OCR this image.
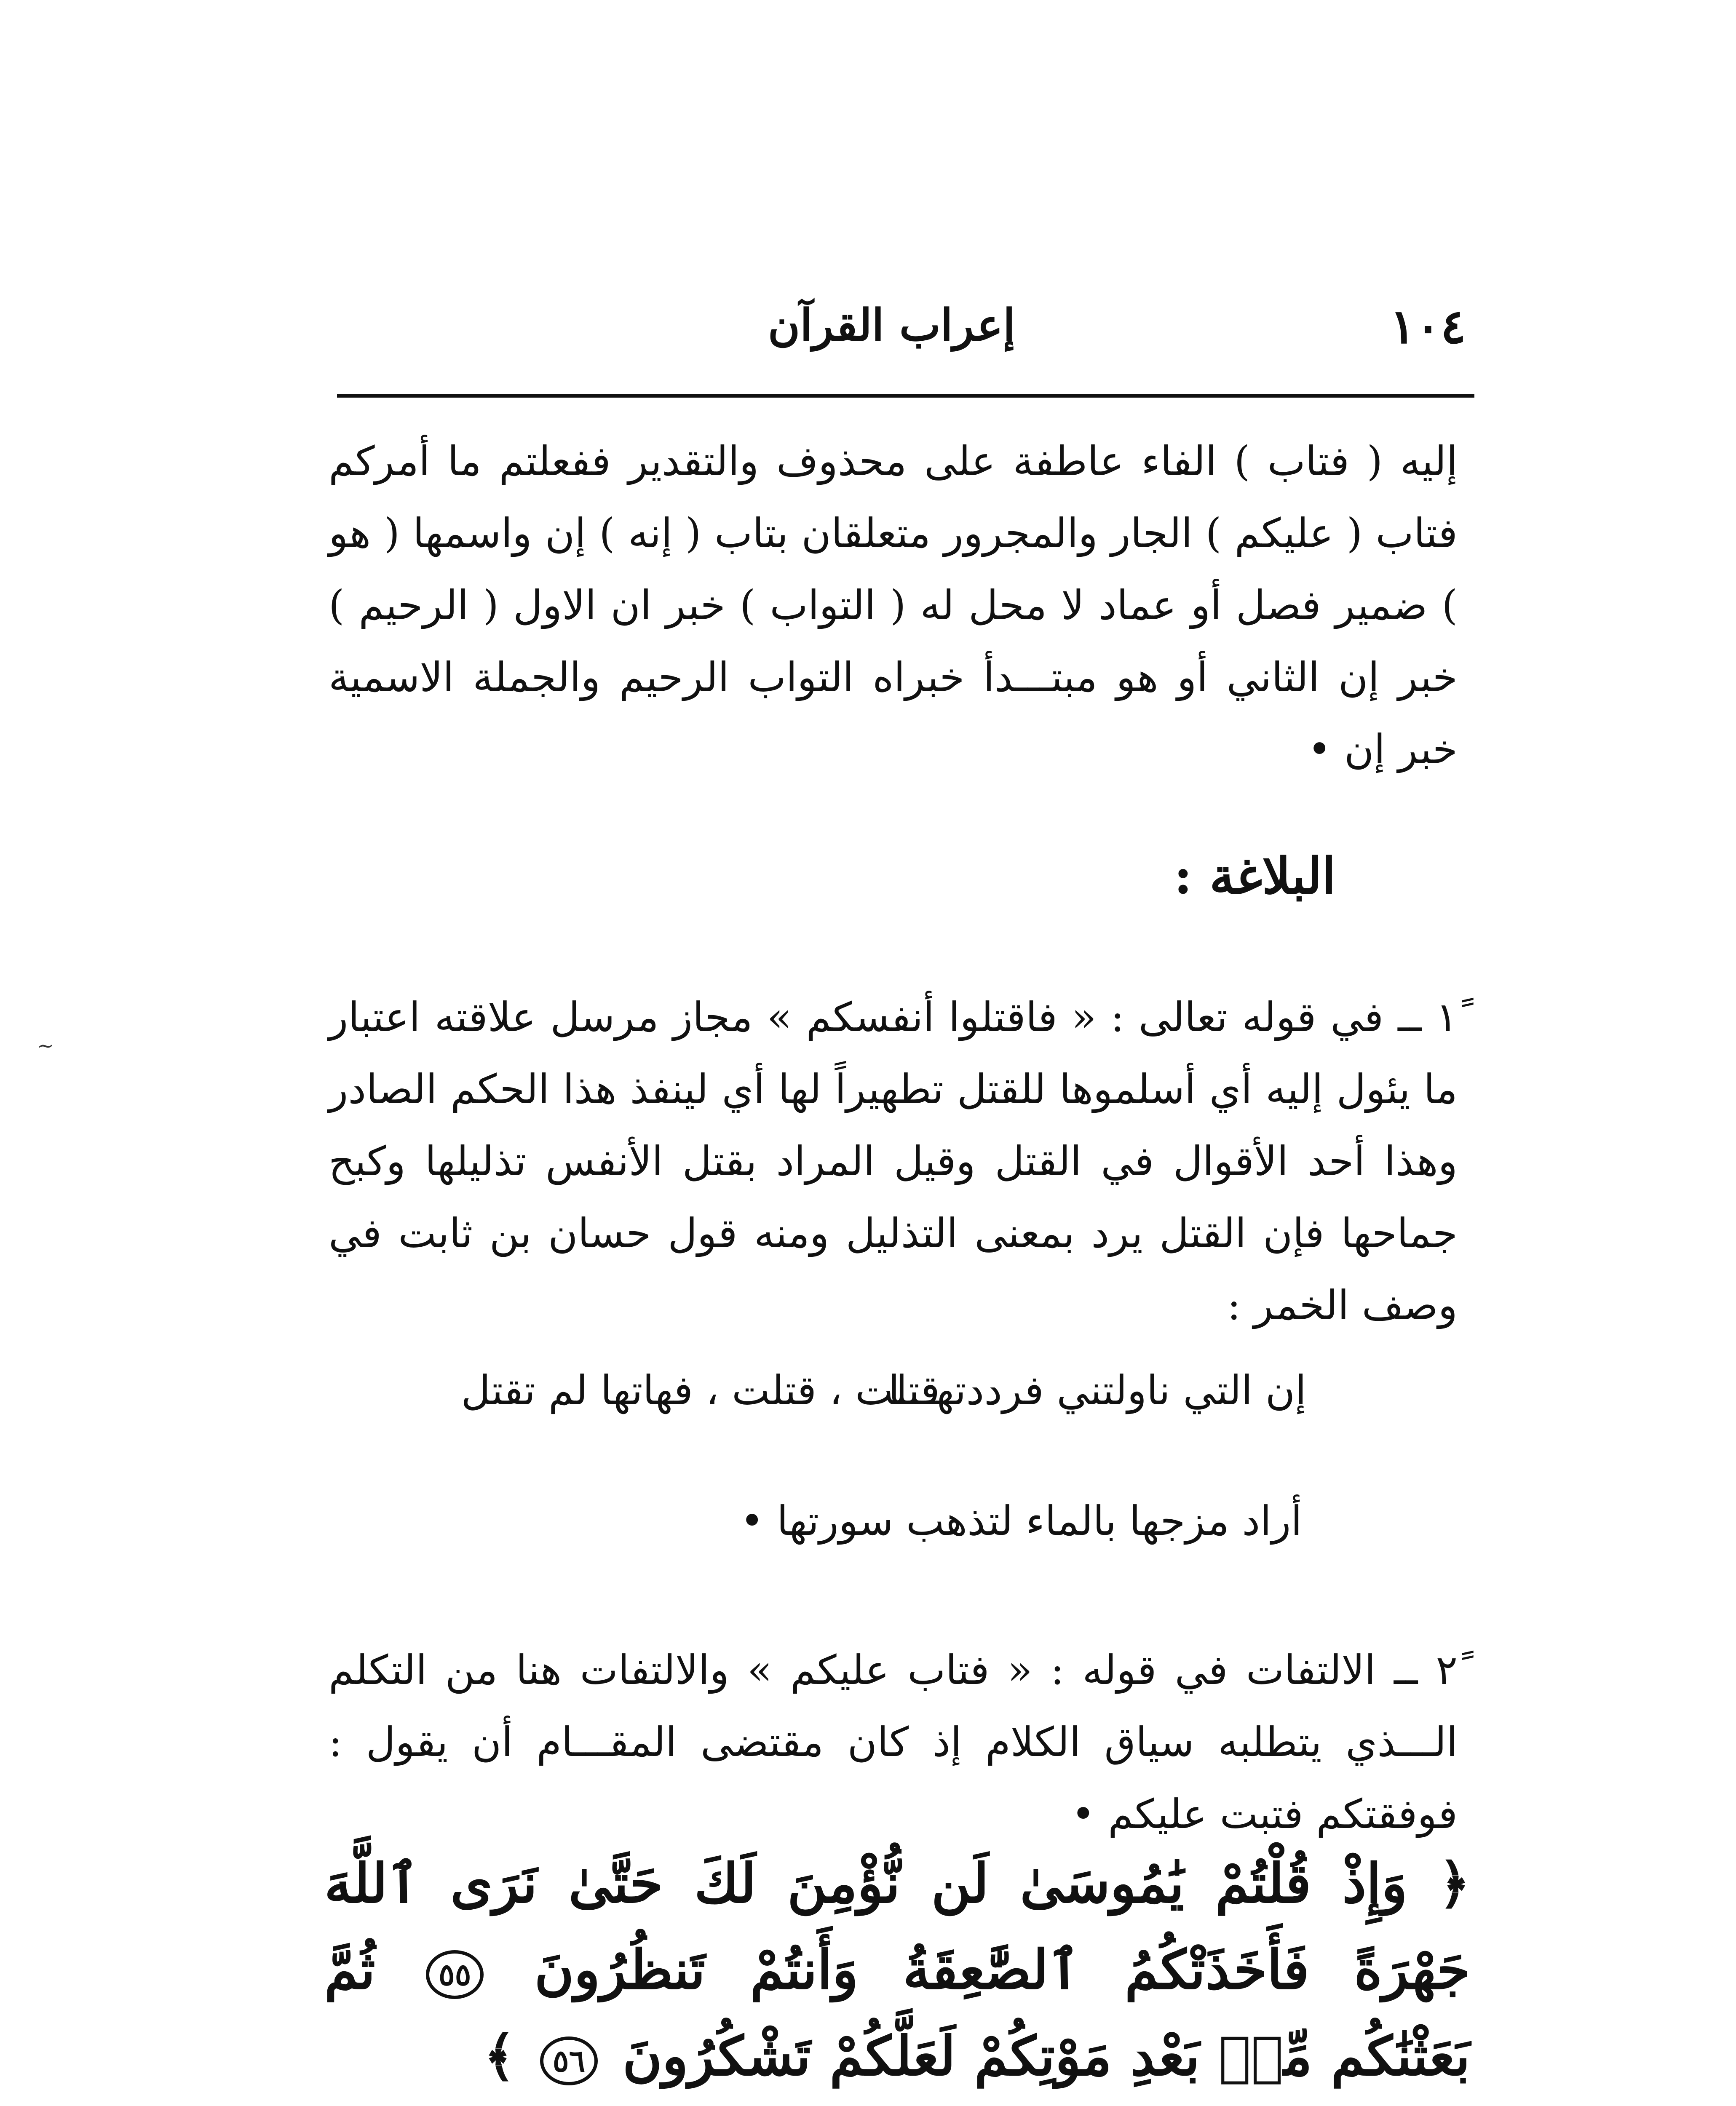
١٠٤
إعراب القرآن
إليه ( فتاب ) الفاء عاطفة على محذوف والتقدير ففعلتم ما أمركم فتاب ( عليكم ) الجار والمجرور متعلقان بتاب ( إنه ) إن واسمها ( هو ) ضمير فصل أو عماد لا محل له ( التواب ) خبر ان الاول ( الرحيم ) خبر إن الثاني أو هو مبتـــدأ خبراه التواب الرحيم والجملة الاسمية خبر إن •
البلاغة :
١ً ــ في قوله تعالى : « فاقتلوا أنفسكم » مجاز مرسل علاقته اعتبار ما يئول إليه أي أسلموها للقتل تطهيراً لها أي لينفذ هذا الحكم الصادر وهذا أحد الأقوال في القتل وقيل المراد بقتل الأنفس تذليلها وكبح جماحها فإن القتل يرد بمعنى التذليل ومنه قول حسان بن ثابت في وصف الخمر :
إن التي ناولتني فرددتهـــا
قتلت ، قتلت ، فهاتها لم تقتل
أراد مزجها بالماء لتذهب سورتها •
٢ً ــ الالتفات في قوله : « فتاب عليكم » والالتفات هنا من التكلم الـــذي يتطلبه سياق الكلام إذ كان مقتضى المقـــام أن يقول : فوفقتكم فتبت عليكم •
﴿ وَإِذْ قُلْتُمْ يَٰمُوسَىٰ لَن نُّؤْمِنَ لَكَ حَتَّىٰ نَرَى ٱللَّهَ جَهْرَةً فَأَخَذَتْكُمُ ٱلصَّٰعِقَةُ وَأَنتُمْ تَنظُرُونَ ٥٥ ثُمَّ بَعَثْنَٰكُم مِّنۢ بَعْدِ مَوْتِكُمْ لَعَلَّكُمْ تَشْكُرُونَ ٥٦ ﴾
~
